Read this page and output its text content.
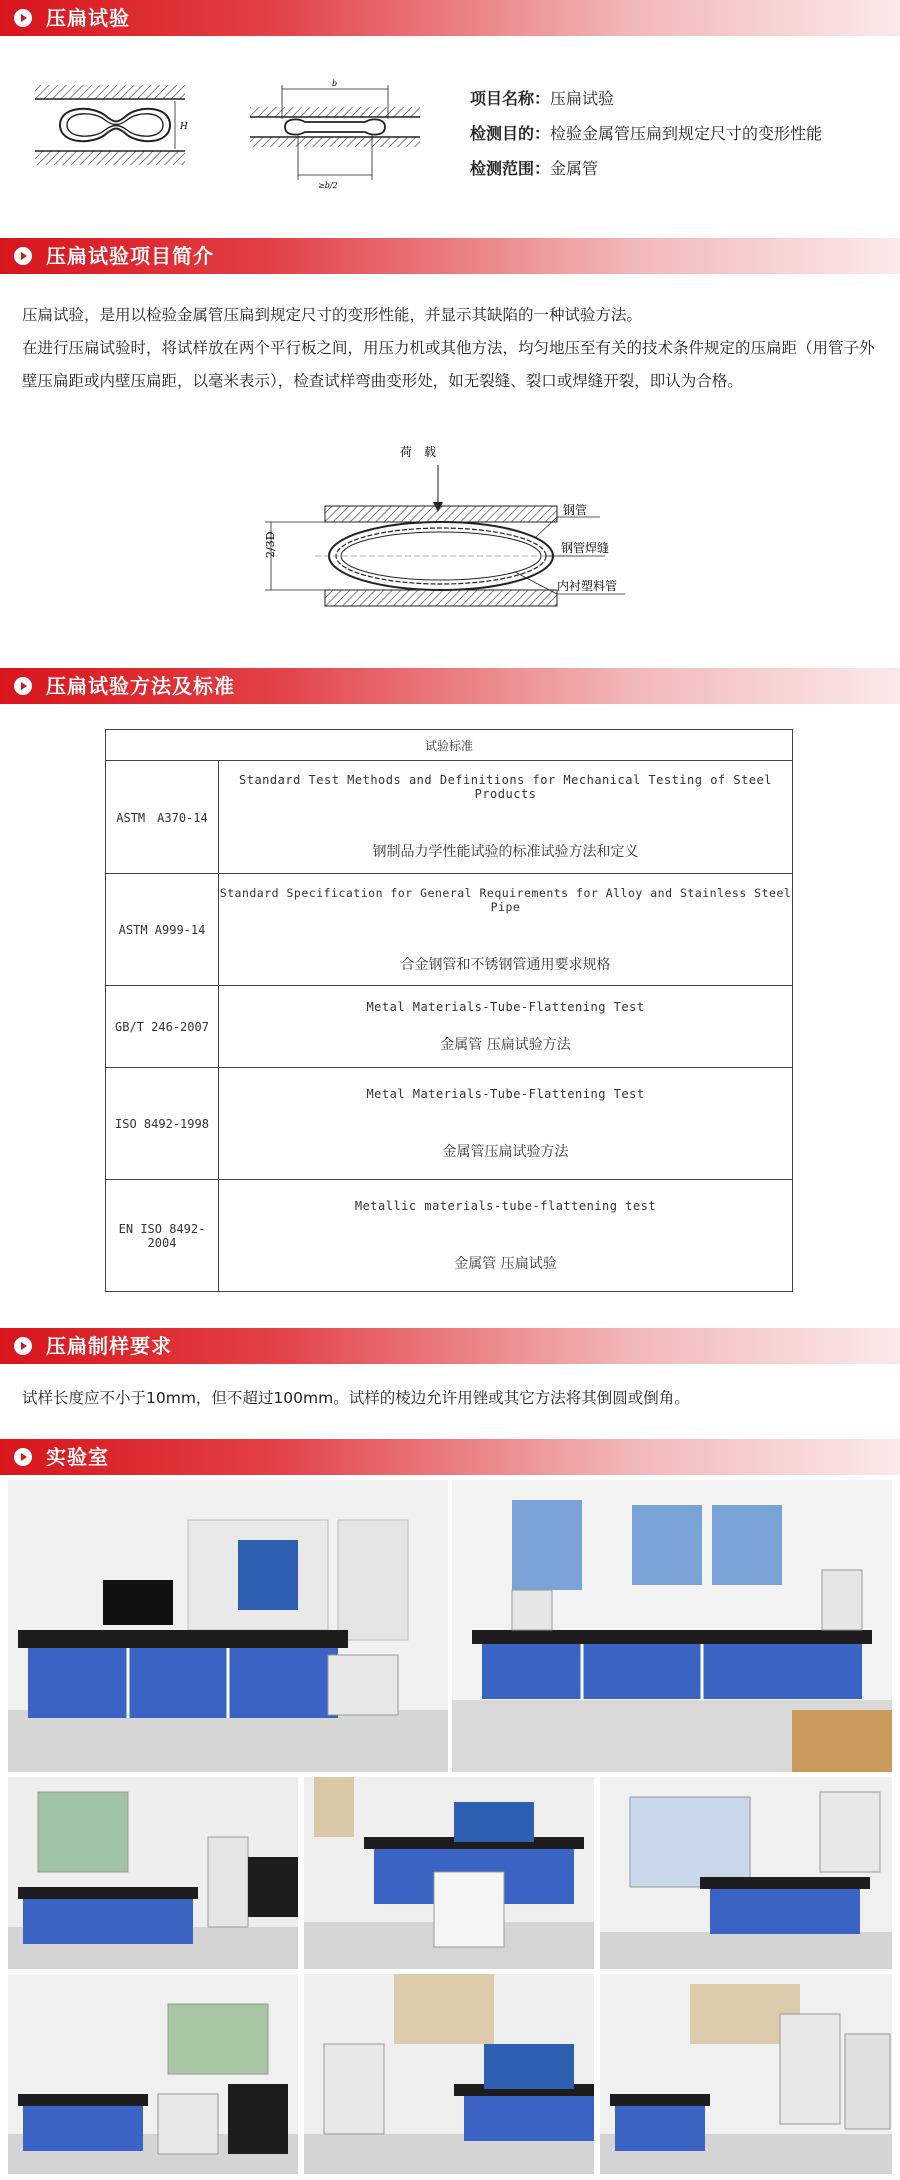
压扁试验
H
b
≥b/2
项目名称：压扁试验
检测目的：检验金属管压扁到规定尺寸的变形性能
检测范围：金属管
压扁试验项目简介
压扁试验，是用以检验金属管压扁到规定尺寸的变形性能，并显示其缺陷的一种试验方法。
在进行压扁试验时，将试样放在两个平行板之间，用压力机或其他方法，均匀地压至有关的技术条件规定的压扁距（用管子外壁压扁距或内壁压扁距，以毫米表示），检查试样弯曲变形处，如无裂缝、裂口或焊缝开裂，即认为合格。
荷　载
2/3D
钢管
钢管焊缝
内衬塑料管
压扁试验方法及标准
试验标准	
ASTM　A370-14	Standard Test Methods and Definitions for Mechanical Testing of Steel Products
钢制品力学性能试验的标准试验方法和定义

ASTM A999-14	Standard Specification for General Requirements for Alloy and Stainless Steel Pipe
合金钢管和不锈钢管通用要求规格

GB/T 246-2007	Metal Materials-Tube-Flattening Test
金属管 压扁试验方法

ISO 8492-1998	Metal Materials-Tube-Flattening Test
金属管压扁试验方法

EN ISO 8492-2004	Metallic materials-tube-flattening test
金属管 压扁试验
压扁制样要求
试样长度应不小于10mm，但不超过100mm。试样的棱边允许用锉或其它方法将其倒圆或倒角。
实验室
